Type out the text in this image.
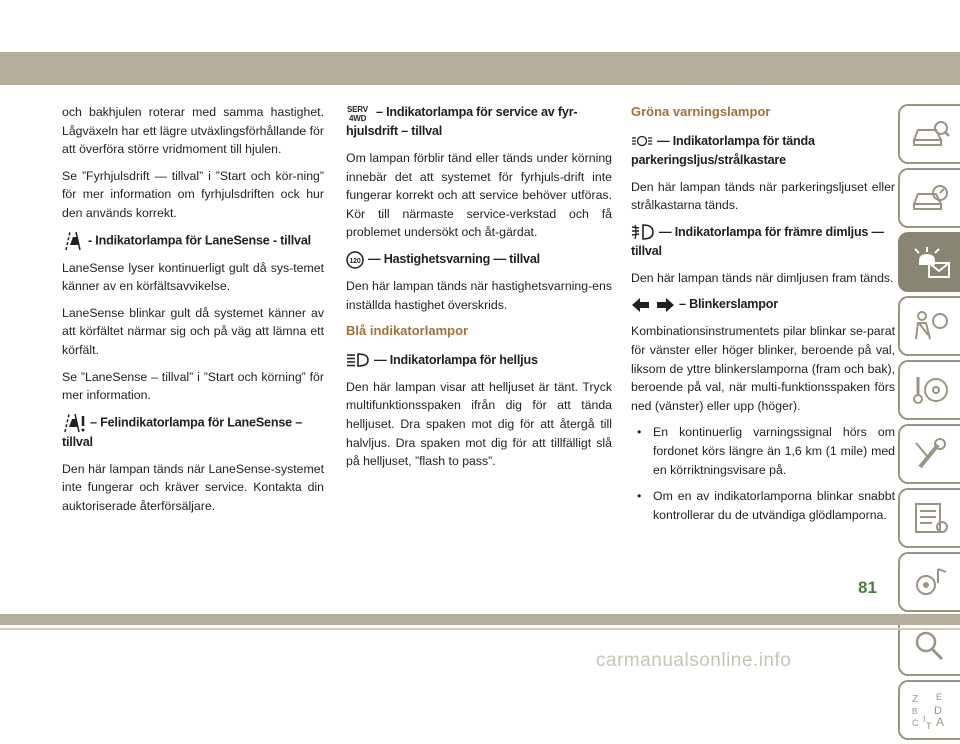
och bakhjulen roterar med samma hastighet. Lågväxeln har ett lägre utväxlingsförhållande för att överföra större vridmoment till hjulen.

Se ”Fyrhjulsdrift — tillval” i ”Start och kör-ning” för mer information om fyrhjulsdriften ock hur den används korrekt.

- Indikatorlampa för LaneSense - tillval

LaneSense lyser kontinuerligt gult då sys-temet känner av en körfältsavvikelse.

LaneSense blinkar gult då systemet känner av att körfältet närmar sig och på väg att lämna ett körfält.

Se ”LaneSense – tillval” i ”Start och körning” för mer information.

– Felindikatorlampa för LaneSense – tillval

Den här lampan tänds när LaneSense-systemet inte fungerar och kräver service. Kontakta din auktoriserade återförsäljare.

SERV
4WD – Indikatorlampa för service av fyr-hjulsdrift – tillval

Om lampan förblir tänd eller tänds under körning innebär det att systemet för fyrhjuls-drift inte fungerar korrekt och att service behöver utföras. Kör till närmaste service-verkstad och få problemet undersökt och åt-gärdat.

120 — Hastighetsvarning — tillval

Den här lampan tänds när hastighetsvarning-ens inställda hastighet överskrids.

Blå indikatorlampor
— Indikatorlampa för helljus

Den här lampan visar att helljuset är tänt. Tryck multifunktionsspaken ifrån dig för att tända helljuset. Dra spaken mot dig för att återgå till halvljus. Dra spaken mot dig för att tillfälligt slå på helljuset, ”flash to pass”.

Gröna varningslampor
— Indikatorlampa för tända parkeringsljus/strålkastare

Den här lampan tänds när parkeringsljuset eller strålkastarna tänds.

— Indikatorlampa för främre dimljus — tillval

Den här lampan tänds när dimljusen fram tänds.

– Blinkerslampor

Kombinationsinstrumentets pilar blinkar se-parat för vänster eller höger blinker, beroende på val, liksom de yttre blinkerslamporna (fram och bak), beroende på val, när multi-funktionsspaken förs ned (vänster) eller upp (höger).

• En kontinuerlig varningssignal hörs om fordonet körs längre än 1,6 km (1 mile) med en körriktningsvisare på.

• Om en av indikatorlamporna blinkar snabbt kontrollerar du de utvändiga glödlamporna.

Z E
B D
I A
C T
81
carmanualsonline.info
